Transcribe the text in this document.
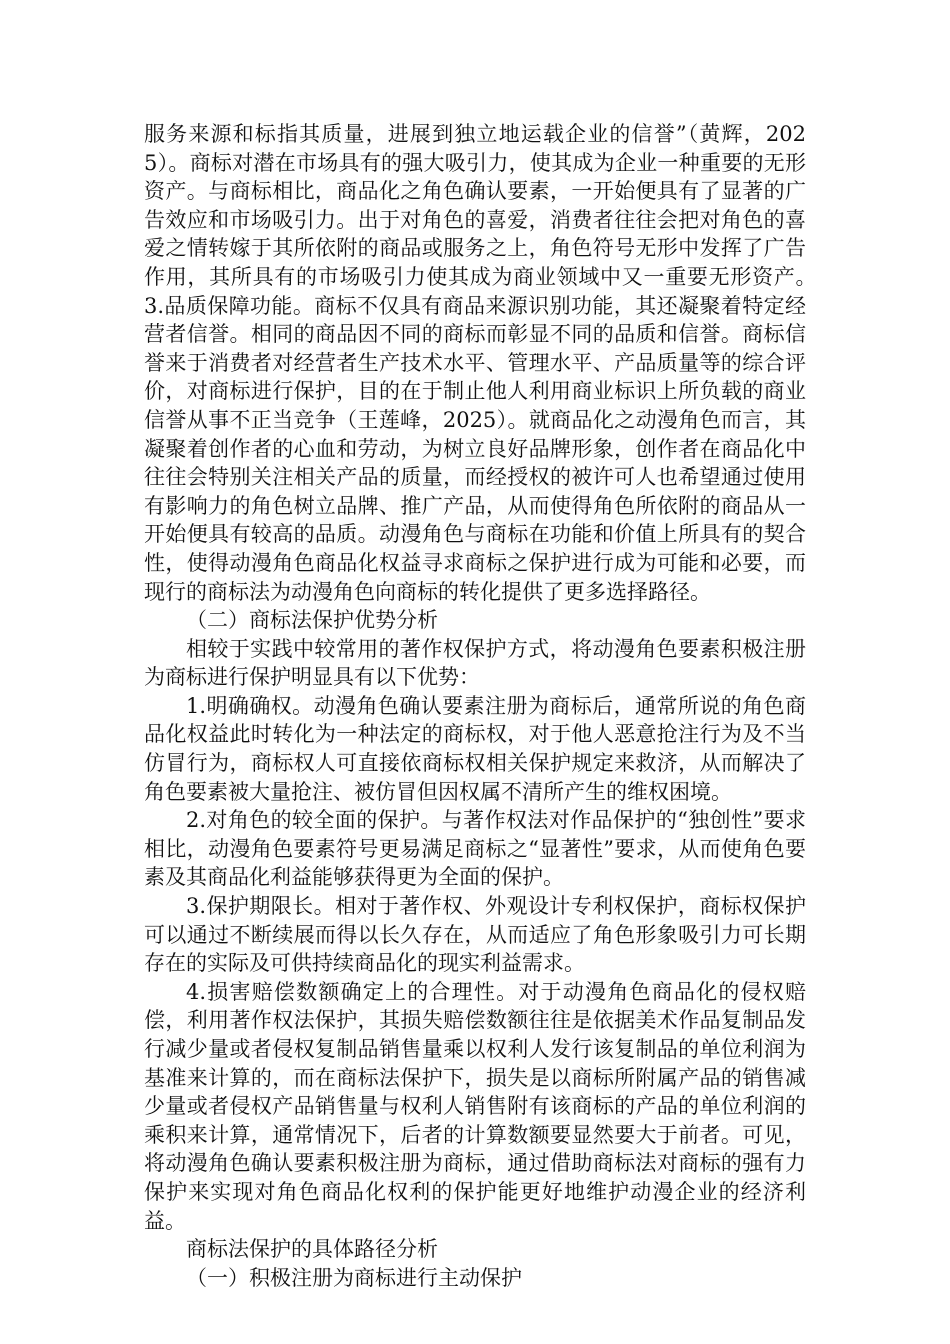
服务来源和标指其质量，进展到独立地运载企业的信誉”（黄辉，2025）。商标对潜在市场具有的强大吸引力，使其成为企业一种重要的无形资产。与商标相比，商品化之角色确认要素，一开始便具有了显著的广告效应和市场吸引力。出于对角色的喜爱，消费者往往会把对角色的喜爱之情转嫁于其所依附的商品或服务之上，角色符号无形中发挥了广告作用，其所具有的市场吸引力使其成为商业领域中又一重要无形资产。　　　3.品质保障功能。商标不仅具有商品来源识别功能，其还凝聚着特定经营者信誉。相同的商品因不同的商标而彰显不同的品质和信誉。商标信誉来于消费者对经营者生产技术水平、管理水平、产品质量等的综合评价，对商标进行保护，目的在于制止他人利用商业标识上所负载的商业信誉从事不正当竞争（王莲峰，2025）。就商品化之动漫角色而言，其凝聚着创作者的心血和劳动，为树立良好品牌形象，创作者在商品化中往往会特别关注相关产品的质量，而经授权的被许可人也希望通过使用有影响力的角色树立品牌、推广产品，从而使得角色所依附的商品从一开始便具有较高的品质。动漫角色与商标在功能和价值上所具有的契合性，使得动漫角色商品化权益寻求商标之保护进行成为可能和必要，而现行的商标法为动漫角色向商标的转化提供了更多选择路径。

（二）商标法保护优势分析

相较于实践中较常用的著作权保护方式，将动漫角色要素积极注册为商标进行保护明显具有以下优势：

1.明确确权。动漫角色确认要素注册为商标后，通常所说的角色商品化权益此时转化为一种法定的商标权，对于他人恶意抢注行为及不当仿冒行为，商标权人可直接依商标权相关保护规定来救济，从而解决了角色要素被大量抢注、被仿冒但因权属不清所产生的维权困境。

2.对角色的较全面的保护。与著作权法对作品保护的“独创性”要求相比，动漫角色要素符号更易满足商标之“显著性”要求，从而使角色要素及其商品化利益能够获得更为全面的保护。

3.保护期限长。相对于著作权、外观设计专利权保护，商标权保护可以通过不断续展而得以长久存在，从而适应了角色形象吸引力可长期存在的实际及可供持续商品化的现实利益需求。

4.损害赔偿数额确定上的合理性。对于动漫角色商品化的侵权赔偿，利用著作权法保护，其损失赔偿数额往往是依据美术作品复制品发行减少量或者侵权复制品销售量乘以权利人发行该复制品的单位利润为基准来计算的，而在商标法保护下，损失是以商标所附属产品的销售减少量或者侵权产品销售量与权利人销售附有该商标的产品的单位利润的乘积来计算，通常情况下，后者的计算数额要显然要大于前者。可见，将动漫角色确认要素积极注册为商标，通过借助商标法对商标的强有力保护来实现对角色商品化权利的保护能更好地维护动漫企业的经济利益。

商标法保护的具体路径分析

（一）积极注册为商标进行主动保护
